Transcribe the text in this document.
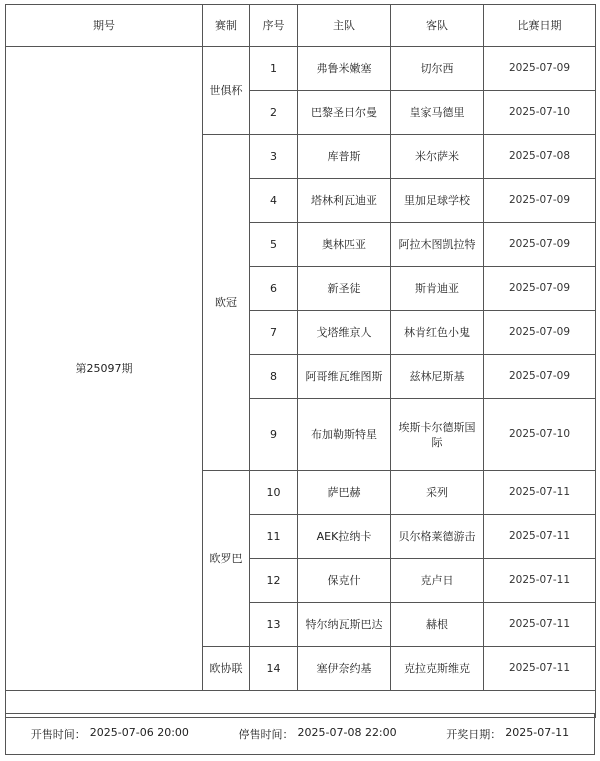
期号	赛制	序号	主队	客队	比赛日期
第25097期	世俱杯	1	弗鲁米嫩塞	切尔西	2025-07-09
		2	巴黎圣日尔曼	皇家马德里	2025-07-10
	欧冠	3	库普斯	米尔萨米	2025-07-08
		4	塔林利瓦迪亚	里加足球学校	2025-07-09
		5	奥林匹亚	阿拉木图凯拉特	2025-07-09
		6	新圣徒	斯肯迪亚	2025-07-09
		7	戈塔维京人	林肯红色小鬼	2025-07-09
		8	阿哥维瓦维图斯	兹林尼斯基	2025-07-09
		9	布加勒斯特星	埃斯卡尔德斯国际	2025-07-10
	欧罗巴	10	萨巴赫	采列	2025-07-11
		11	AEK拉纳卡	贝尔格莱德游击	2025-07-11
		12	保克什	克卢日	2025-07-11
		13	特尔纳瓦斯巴达	赫根	2025-07-11
	欧协联	14	塞伊奈约基	克拉克斯维克	2025-07-11

开售时间： 2025-07-06 20:00	停售时间： 2025-07-08 22:00	开奖日期： 2025-07-11
